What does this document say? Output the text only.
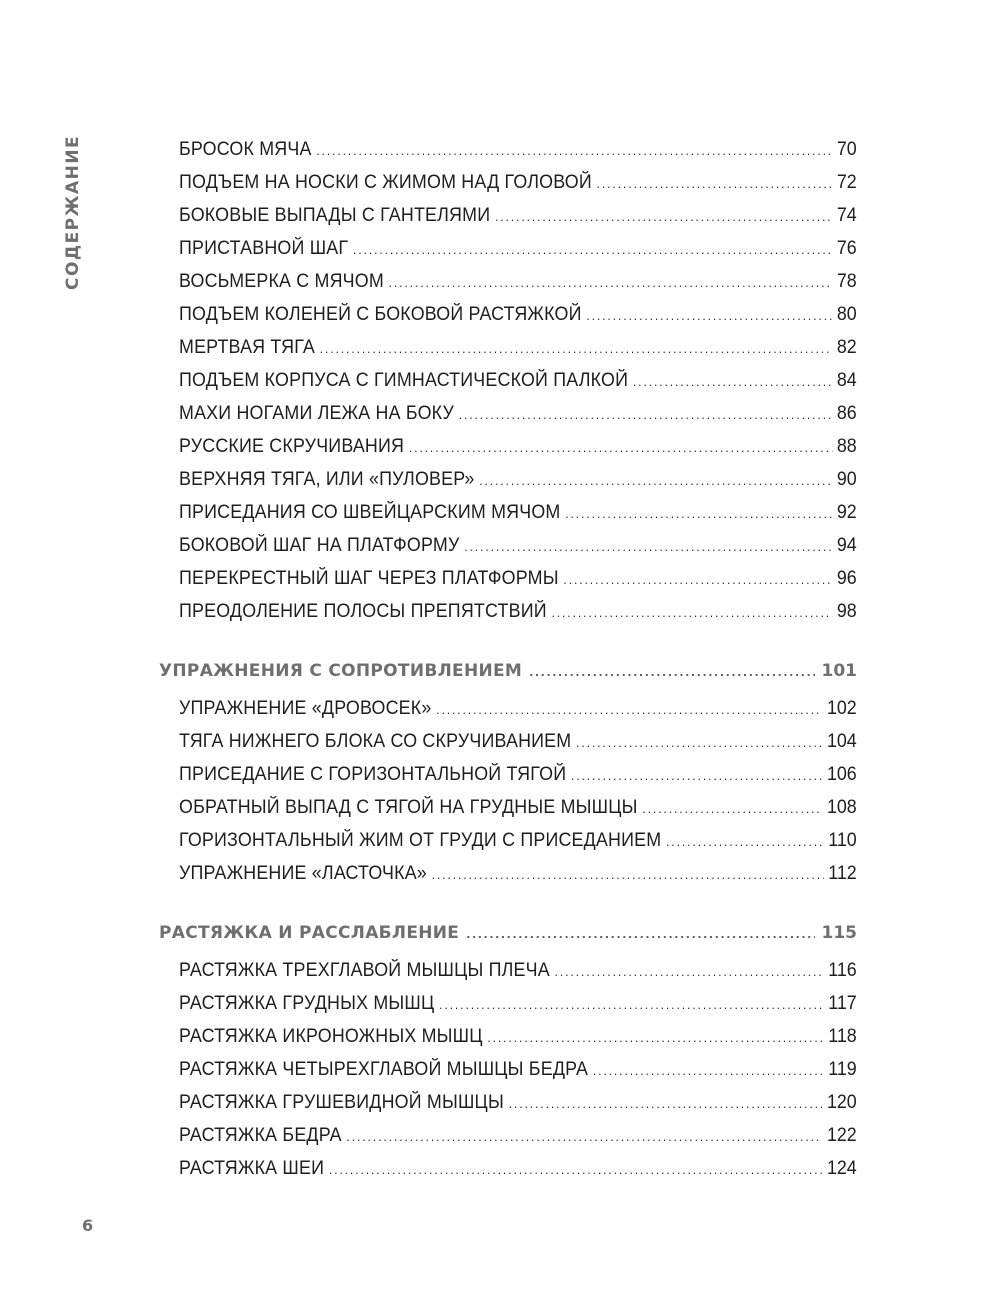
СОДЕРЖАНИЕ	БРОСОК МЯЧА .....	70
ПОДЪЕМ НА НОСКИ С ЖИМОМ НАД ГОЛОВОЙ .....	72
БОКОВЫЕ ВЫПАДЫ С ГАНТЕЛЯМИ .....	74
ПРИСТАВНОЙ ШАГ .....	76
ВОСЬМЕРКА С МЯЧОМ .....	78
ПОДЪЕМ КОЛЕНЕЙ С БОКОВОЙ РАСТЯЖКОЙ .....	80
МЕРТВАЯ ТЯГА .....	82
ПОДЪЕМ КОРПУСА С ГИМНАСТИЧЕСКОЙ ПАЛКОЙ .....	84
МАХИ НОГАМИ ЛЕЖА НА БОКУ .....	86
РУССКИЕ СКРУЧИВАНИЯ .....	88
ВЕРХНЯЯ ТЯГА, ИЛИ «ПУЛОВЕР» .....	90
ПРИСЕДАНИЯ СО ШВЕЙЦАРСКИМ МЯЧОМ .....	92
БОКОВОЙ ШАГ НА ПЛАТФОРМУ .....	94
ПЕРЕКРЕСТНЫЙ ШАГ ЧЕРЕЗ ПЛАТФОРМЫ .....	96
ПРЕОДОЛЕНИЕ ПОЛОСЫ ПРЕПЯТСТВИЙ .....	98
УПРАЖНЕНИЯ С СОПРОТИВЛЕНИЕМ .....	101
УПРАЖНЕНИЕ «ДРОВОСЕК» .....	102
ТЯГА НИЖНЕГО БЛОКА СО СКРУЧИВАНИЕМ .....	104
ПРИСЕДАНИЕ С ГОРИЗОНТАЛЬНОЙ ТЯГОЙ .....	106
ОБРАТНЫЙ ВЫПАД С ТЯГОЙ НА ГРУДНЫЕ МЫШЦЫ .....	108
ГОРИЗОНТАЛЬНЫЙ ЖИМ ОТ ГРУДИ С ПРИСЕДАНИЕМ .....	110
УПРАЖНЕНИЕ «ЛАСТОЧКА» .....	112
РАСТЯЖКА И РАССЛАБЛЕНИЕ .....	115
РАСТЯЖКА ТРЕХГЛАВОЙ МЫШЦЫ ПЛЕЧА .....	116
РАСТЯЖКА ГРУДНЫХ МЫШЦ .....	117
РАСТЯЖКА ИКРОНОЖНЫХ МЫШЦ .....	118
РАСТЯЖКА ЧЕТЫРЕХГЛАВОЙ МЫШЦЫ БЕДРА .....	119
РАСТЯЖКА ГРУШЕВИДНОЙ МЫШЦЫ .....	120
РАСТЯЖКА БЕДРА .....	122
РАСТЯЖКА ШЕИ .....	124
6
